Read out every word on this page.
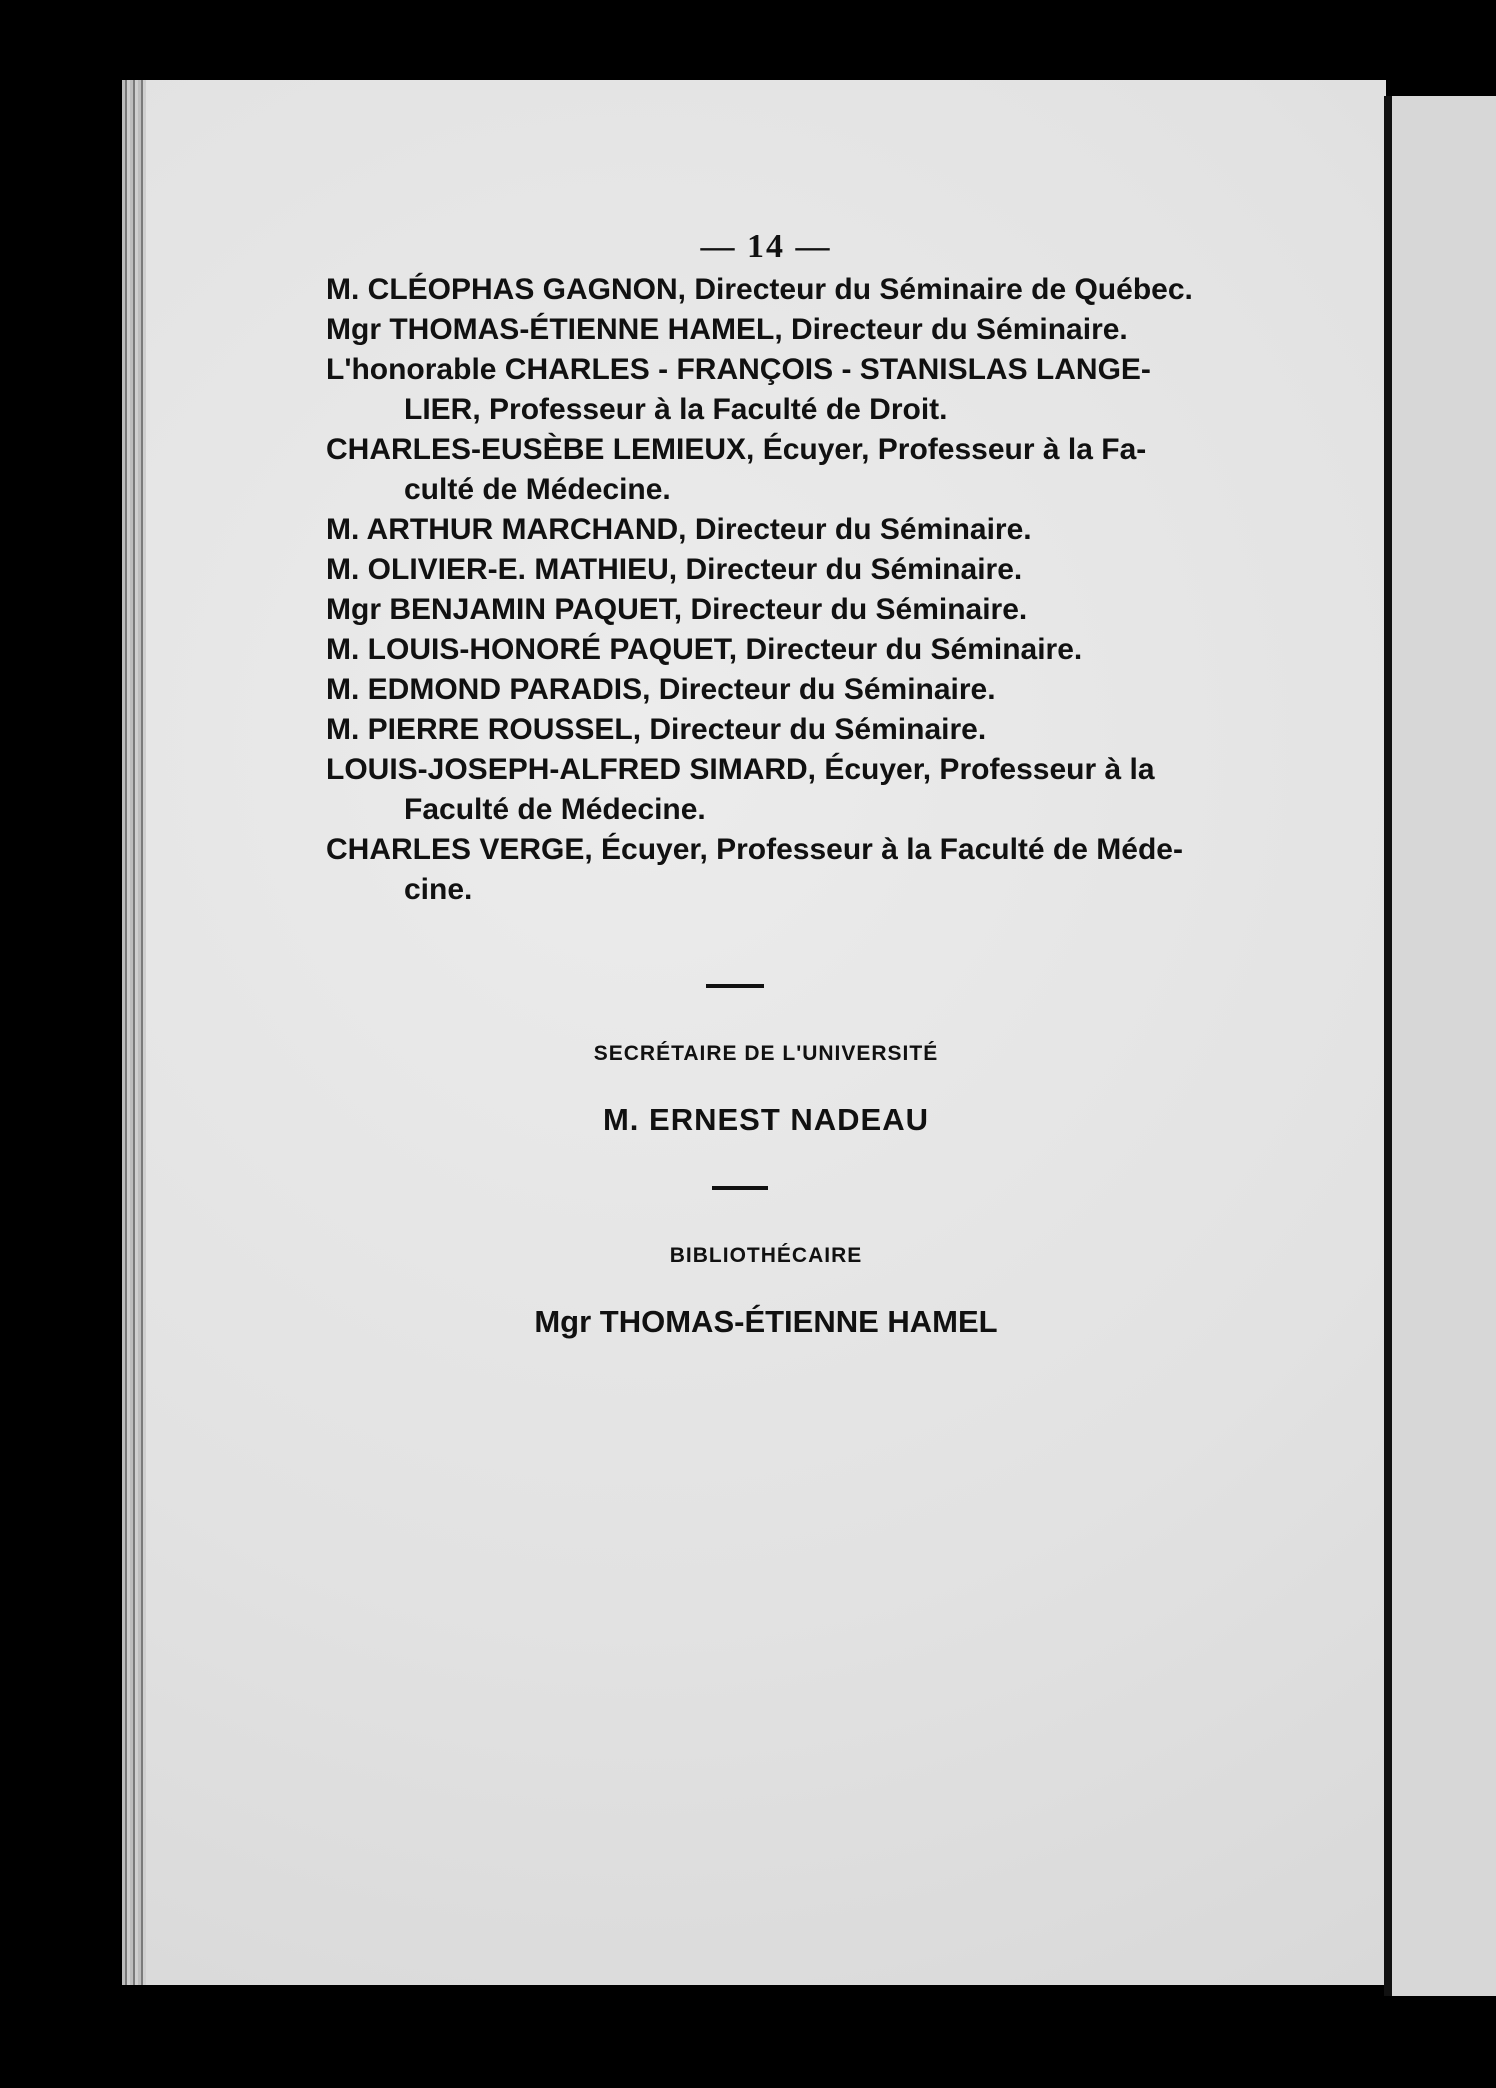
— 14 —

M. CLÉOPHAS GAGNON, Directeur du Séminaire de Québec.

Mgr THOMAS-ÉTIENNE HAMEL, Directeur du Séminaire.

L'honorable CHARLES - FRANÇOIS - STANISLAS LANGE-
LIER, Professeur à la Faculté de Droit.

CHARLES-EUSÈBE LEMIEUX, Écuyer, Professeur à la Fa-
culté de Médecine.

M. ARTHUR MARCHAND, Directeur du Séminaire.

M. OLIVIER-E. MATHIEU, Directeur du Séminaire.

Mgr BENJAMIN PAQUET, Directeur du Séminaire.

M. LOUIS-HONORÉ PAQUET, Directeur du Séminaire.

M. EDMOND PARADIS, Directeur du Séminaire.

M. PIERRE ROUSSEL, Directeur du Séminaire.

LOUIS-JOSEPH-ALFRED SIMARD, Écuyer, Professeur à la
Faculté de Médecine.

CHARLES VERGE, Écuyer, Professeur à la Faculté de Méde-
cine.

SECRÉTAIRE DE L'UNIVERSITÉ
M. ERNEST NADEAU
BIBLIOTHÉCAIRE
Mgr THOMAS-ÉTIENNE HAMEL
